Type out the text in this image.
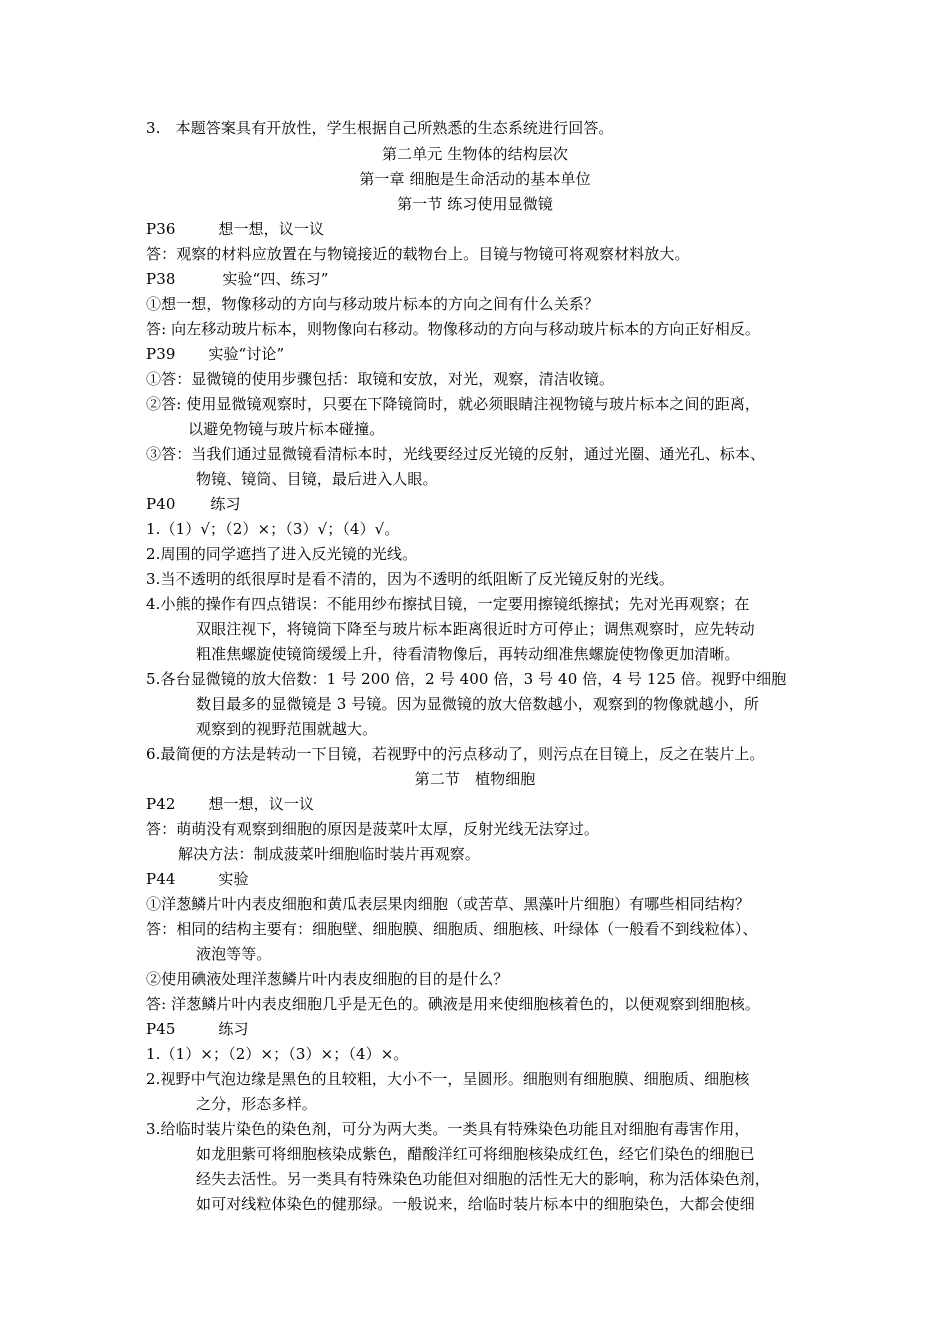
3.　本题答案具有开放性，学生根据自己所熟悉的生态系统进行回答。
第二单元 生物体的结构层次
第一章 细胞是生命活动的基本单位
第一节 练习使用显微镜
P36	想一想，议一议
答：观察的材料应放置在与物镜接近的载物台上。目镜与物镜可将观察材料放大。
P38	实验“四、练习”
①想一想，物像移动的方向与移动玻片标本的方向之间有什么关系？
答: 向左移动玻片标本，则物像向右移动。物像移动的方向与移动玻片标本的方向正好相反。
P39 实验“讨论”
①答：显微镜的使用步骤包括：取镜和安放，对光，观察，清洁收镜。
②答: 使用显微镜观察时，只要在下降镜筒时，就必须眼睛注视物镜与玻片标本之间的距离，
以避免物镜与玻片标本碰撞。
③答：当我们通过显微镜看清标本时，光线要经过反光镜的反射，通过光圈、通光孔、标本、
物镜、镜筒、目镜，最后进入人眼。
P40 练习
1.（1）√；（2）×；（3）√；（4）√。
2.周围的同学遮挡了进入反光镜的光线。
3.当不透明的纸很厚时是看不清的，因为不透明的纸阻断了反光镜反射的光线。
4.小熊的操作有四点错误：不能用纱布擦拭目镜，一定要用擦镜纸擦拭；先对光再观察；在
双眼注视下，将镜筒下降至与玻片标本距离很近时方可停止；调焦观察时，应先转动
粗准焦螺旋使镜筒缓缓上升，待看清物像后，再转动细准焦螺旋使物像更加清晰。
5.各台显微镜的放大倍数：1 号 200 倍，2 号 400 倍，3 号 40 倍，4 号 125 倍。视野中细胞
数目最多的显微镜是 3 号镜。因为显微镜的放大倍数越小，观察到的物像就越小，所
观察到的视野范围就越大。
6.最简便的方法是转动一下目镜，若视野中的污点移动了，则污点在目镜上，反之在装片上。
第二节　植物细胞
P42 想一想，议一议
答：萌萌没有观察到细胞的原因是菠菜叶太厚，反射光线无法穿过。
解决方法：制成菠菜叶细胞临时装片再观察。
P44	实验
①洋葱鳞片叶内表皮细胞和黄瓜表层果肉细胞（或苦草、黑藻叶片细胞）有哪些相同结构？
答：相同的结构主要有：细胞壁、细胞膜、细胞质、细胞核、叶绿体（一般看不到线粒体）、
液泡等等。
②使用碘液处理洋葱鳞片叶内表皮细胞的目的是什么？
答: 洋葱鳞片叶内表皮细胞几乎是无色的。碘液是用来使细胞核着色的，以便观察到细胞核。
P45	练习
1.（1）×；（2）×；（3）×；（4）×。
2.视野中气泡边缘是黑色的且较粗，大小不一，呈圆形。细胞则有细胞膜、细胞质、细胞核
之分，形态多样。
3.给临时装片染色的染色剂，可分为两大类。一类具有特殊染色功能且对细胞有毒害作用，
如龙胆紫可将细胞核染成紫色，醋酸洋红可将细胞核染成红色，经它们染色的细胞已
经失去活性。另一类具有特殊染色功能但对细胞的活性无大的影响，称为活体染色剂，
如可对线粒体染色的健那绿。一般说来，给临时装片标本中的细胞染色，大都会使细
